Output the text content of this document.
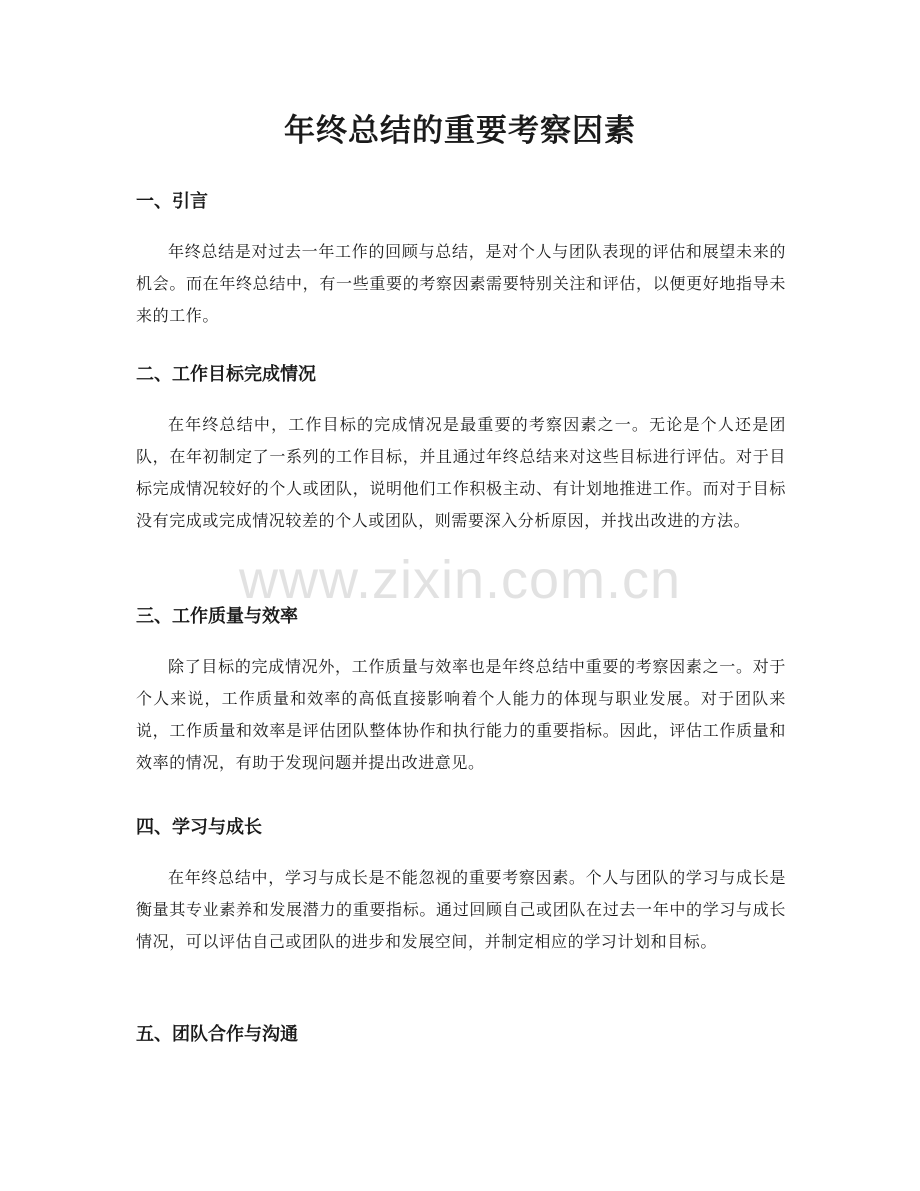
年终总结的重要考察因素
一、引言

年终总结是对过去一年工作的回顾与总结，是对个人与团队表现的评估和展望未来的机会。而在年终总结中，有一些重要的考察因素需要特别关注和评估，以便更好地指导未来的工作。

二、工作目标完成情况

在年终总结中，工作目标的完成情况是最重要的考察因素之一。无论是个人还是团队，在年初制定了一系列的工作目标，并且通过年终总结来对这些目标进行评估。对于目标完成情况较好的个人或团队，说明他们工作积极主动、有计划地推进工作。而对于目标没有完成或完成情况较差的个人或团队，则需要深入分析原因，并找出改进的方法。

三、工作质量与效率

除了目标的完成情况外，工作质量与效率也是年终总结中重要的考察因素之一。对于个人来说，工作质量和效率的高低直接影响着个人能力的体现与职业发展。对于团队来说，工作质量和效率是评估团队整体协作和执行能力的重要指标。因此，评估工作质量和效率的情况，有助于发现问题并提出改进意见。

四、学习与成长

在年终总结中，学习与成长是不能忽视的重要考察因素。个人与团队的学习与成长是衡量其专业素养和发展潜力的重要指标。通过回顾自己或团队在过去一年中的学习与成长情况，可以评估自己或团队的进步和发展空间，并制定相应的学习计划和目标。

五、团队合作与沟通
www.zixin.com.cn
